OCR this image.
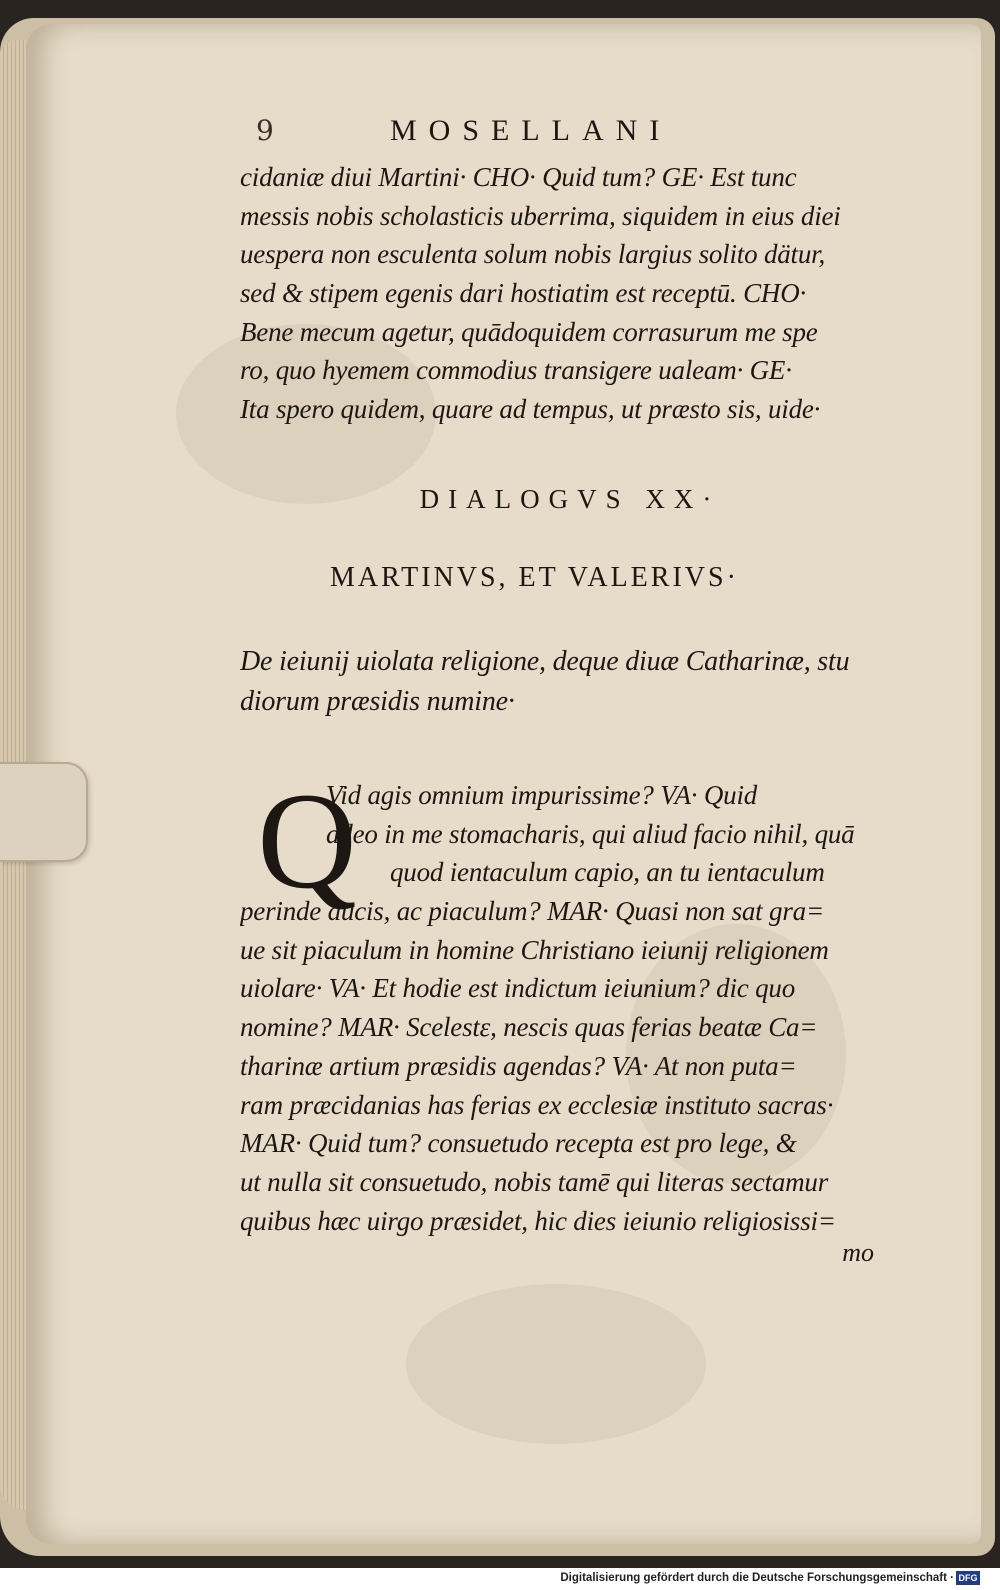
9	MOSELLANI
cidaniæ diui Martini· CHO· Quid tum? GE· Est tunc
messis nobis scholasticis uberrima, siquidem in eius diei
uespera non esculenta solum nobis largius solito dätur,
sed & stipem egenis dari hostiatim est receptū. CHO·
Bene mecum agetur, quādoquidem corrasurum me spe
ro, quo hyemem commodius transigere ualeam· GE·
Ita spero quidem, quare ad tempus, ut præsto sis, uide·
DIALOGVS XX·
MARTINVS, ET VALERIVS·
De ieiunij uiolata religione, deque diuæ Catharinæ, stu
diorum præsidis numine·
Q
Vid agis omnium impurissime? VA· Quid
adeo in me stomacharis, qui aliud facio nihil, quā
quod ientaculum capio, an tu ientaculum
perinde ducis, ac piaculum? MAR· Quasi non sat gra=
ue sit piaculum in homine Christiano ieiunij religionem
uiolare· VA· Et hodie est indictum ieiunium? dic quo
nomine? MAR· Scelestε, nescis quas ferias beatæ Ca=
tharinæ artium præsidis agendas? VA· At non puta=
ram præcidanias has ferias ex ecclesiæ instituto sacras·
MAR· Quid tum? consuetudo recepta est pro lege, &
ut nulla sit consuetudo, nobis tamē qui literas sectamur
quibus hæc uirgo præsidet, hic dies ieiunio religiosissi=
mo
Digitalisierung gefördert durch die Deutsche Forschungsgemeinschaft · DFG
